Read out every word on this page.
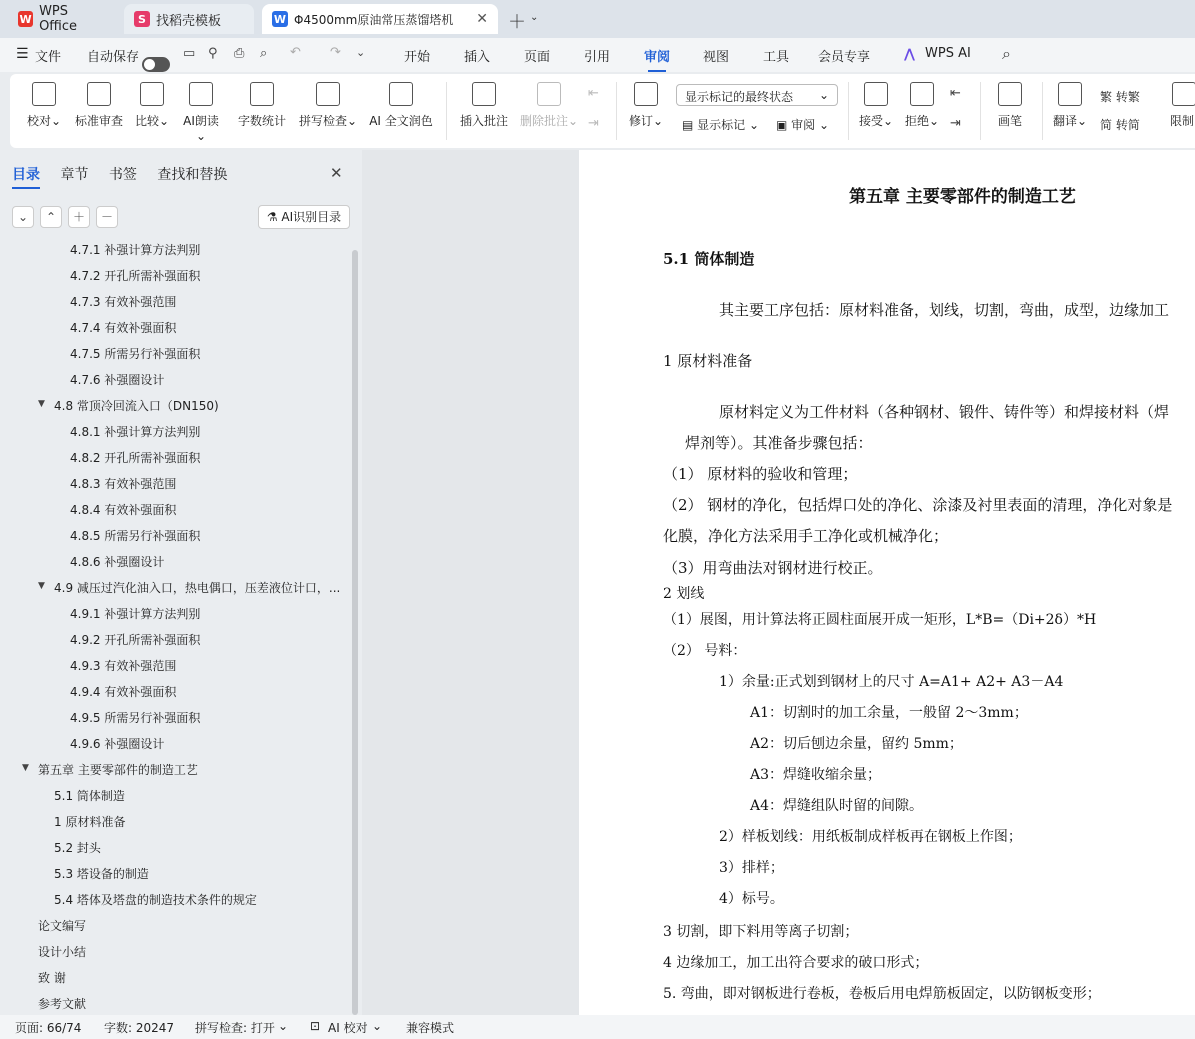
W WPS Office	S 找稻壳模板	W Φ4500mm原油常压蒸馏塔机 ✕ ＋ ⌄
☰ 文件 自动保存	▭ ⚲ ⎙ ⌕ ↶ ↷ ⌄	开始	插入	页面	引用	审阅	视图	工具 会员专享	⋀ WPS AI ⌕
校对⌄ 标准审查 比较⌄ AI朗读⌄
字数统计 拼写检查⌄ AI 全文润色 插入批注 删除批注⌄
⇤
⇥	修订⌄
显示标记的最终状态 ⌄
▤ 显示标记 ⌄ ▣ 审阅 ⌄ 接受⌄ 拒绝⌄
⇤
⇥	画笔	翻译⌄
繁 转繁
简 转简	限制
目录 章节 书签 查找和替换	✕
⌄	⌃	＋	－	⚗ AI识别目录
4.7.1 补强计算方法判别
4.7.2 开孔所需补强面积
4.7.3 有效补强范围
4.7.4 有效补强面积
4.7.5 所需另行补强面积
4.7.6 补强圈设计
▼ 4.8 常顶冷回流入口（DN150)
4.8.1 补强计算方法判别
4.8.2 开孔所需补强面积
4.8.3 有效补强范围
4.8.4 有效补强面积
4.8.5 所需另行补强面积
4.8.6 补强圈设计
▼ 4.9 减压过汽化油入口，热电偶口，压差液位计口，...
4.9.1 补强计算方法判别
4.9.2 开孔所需补强面积
4.9.3 有效补强范围
4.9.4 有效补强面积
4.9.5 所需另行补强面积
4.9.6 补强圈设计
▼ 第五章 主要零部件的制造工艺
5.1 筒体制造
1 原材料准备
5.2 封头
5.3 塔设备的制造
5.4 塔体及塔盘的制造技术条件的规定
论文编写
设计小结
致 谢
参考文献
第五章 主要零部件的制造工艺
5.1 筒体制造
其主要工序包括：原材料准备，划线，切割，弯曲，成型，边缘加工
1 原材料准备
原材料定义为工件材料（各种钢材、锻件、铸件等）和焊接材料（焊
焊剂等）。其准备步骤包括：
（1） 原材料的验收和管理；
（2） 钢材的净化，包括焊口处的净化、涂漆及衬里表面的清理，净化对象是
化膜，净化方法采用手工净化或机械净化；
（3）用弯曲法对钢材进行校正。
2 划线
（1）展图，用计算法将正圆柱面展开成一矩形，L*B=（Di+2δ）*H
（2） 号料：
1）余量:正式划到钢材上的尺寸 A=A1+ A2+ A3－A4
A1：切割时的加工余量，一般留 2～3mm；
A2：切后刨边余量，留约 5mm；
A3：焊缝收缩余量；
A4：焊缝组队时留的间隙。
2）样板划线：用纸板制成样板再在钢板上作图；
3）排样；
4）标号。
3 切割，即下料用等离子切割；
4 边缘加工，加工出符合要求的破口形式；
5. 弯曲，即对钢板进行卷板，卷板后用电焊筋板固定，以防钢板变形；
页面: 66/74 字数: 20247 拼写检查: 打开 ⌄ ⊡ AI 校对 ⌄ 兼容模式
